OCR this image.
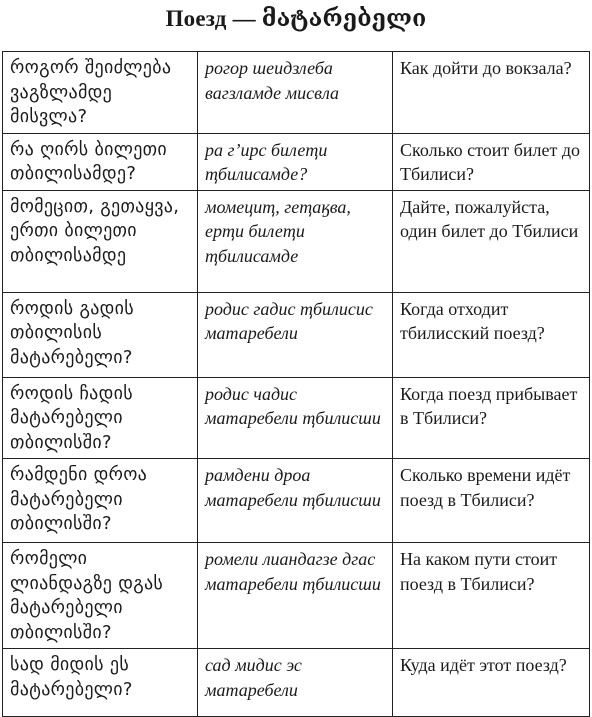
Поезд — მატარებელი
როგორ შეიძლება ვაგზლამდე მისვლა?	рогор шеидзлеба вагзламде мисвла	Как дойти до вокзала?
რა ღირს ბილეთი თბილისამდე?	ра г’ирс билеҭи ҭбилисамде?	Сколько стоит билет до Тбилиси?
მომეცით, გეთაყვა, ერთი ბილეთი თბილისამდე	момециҭ, геҭаӄва, ерҭи билеҭи ҭбилисамде	Дайте, пожалуйста, один билет до Тбилиси
როდის გადის თბილისის მატარებელი?	родис гадис ҭбилисис матаребели	Когда отходит тбилисский поезд?
როდის ჩადის მატარებელი თბილისში?	родис чадис матаребели ҭбилисши	Когда поезд прибывает в Тбилиси?
რამდენი დროა მატარებელი თბილისში?	рамдени дроа матаребели ҭбилисши	Сколько времени идёт поезд в Тбилиси?
რომელი ლიანდაგზე დგას მატარებელი თბილისში?	ромели лиандагзе дгас матаребели ҭбилисши	На каком пути стоит поезд в Тбилиси?
სად მიდის ეს მატარებელი?	сад мидис эс матаребели	Куда идёт этот поезд?
